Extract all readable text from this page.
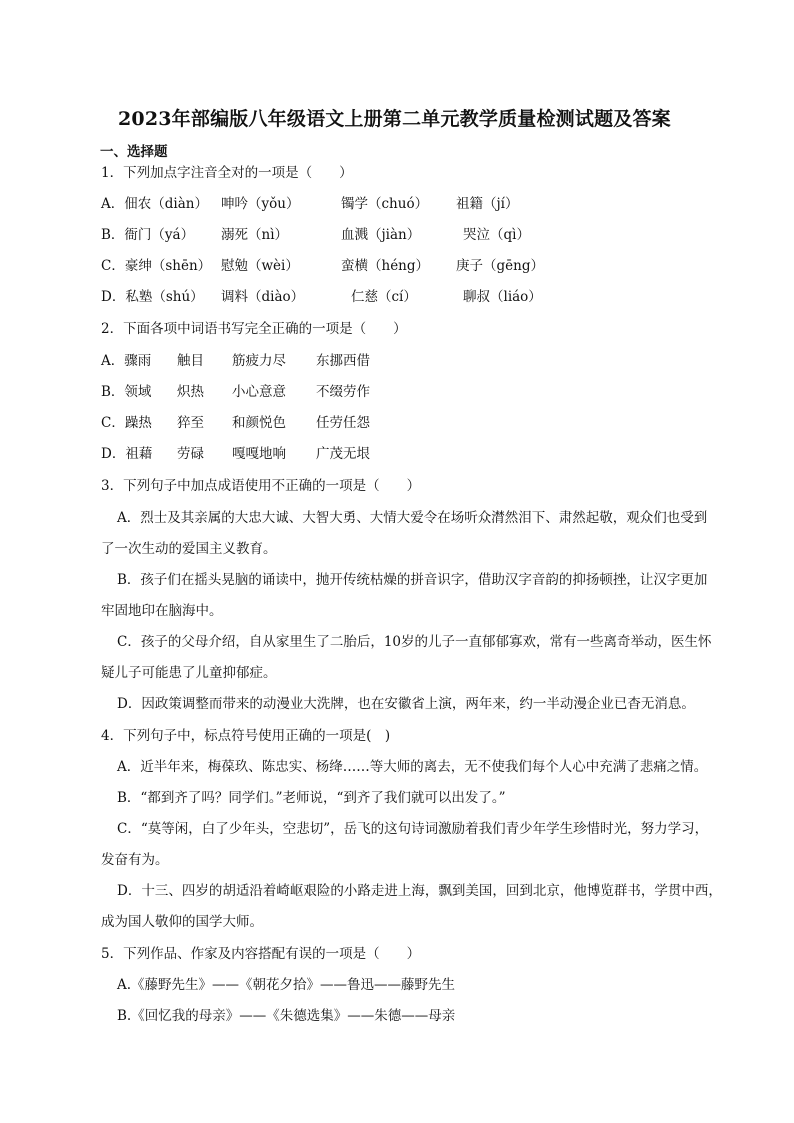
2023年部编版八年级语文上册第二单元教学质量检测试题及答案
一、选择题
1．下列加点字注音全对的一项是（　　）
A．佃农（diàn） 呻吟（yǒu）	镯学（chuó） 祖籍（jí）
B．衙门（yá） 溺死（nì）	血溅（jiàn）	哭泣（qì）
C．豪绅（shēn） 慰勉（wèi）	蛮横（héng） 庚子（gēng）
D．私塾（shú） 调料（diào）	仁慈（cí）	聊叔（liáo）
2．下面各项中词语书写完全正确的一项是（　　）
A．骤雨 触目 筋疲力尽 东挪西借
B．领域 炽热 小心意意 不缀劳作
C．躁热 猝至 和颜悦色 任劳任怨
D．祖藉 劳碌 嘎嘎地响 广茂无垠
3．下列句子中加点成语使用不正确的一项是（　　）
A．烈士及其亲属的大忠大诚、大智大勇、大情大爱令在场听众潸然泪下、肃然起敬，观众们也受到
了一次生动的爱国主义教育。
B．孩子们在摇头晃脑的诵读中，抛开传统枯燥的拼音识字，借助汉字音韵的抑扬顿挫，让汉字更加
牢固地印在脑海中。
C．孩子的父母介绍，自从家里生了二胎后，10岁的儿子一直郁郁寡欢，常有一些离奇举动，医生怀
疑儿子可能患了儿童抑郁症。
D．因政策调整而带来的动漫业大洗牌，也在安徽省上演，两年来，约一半动漫企业已杳无消息。
4．下列句子中，标点符号使用正确的一项是(　)
A．近半年来，梅葆玖、陈忠实、杨绛……等大师的离去，无不使我们每个人心中充满了悲痛之情。
B．“都到齐了吗？同学们。”老师说，“到齐了我们就可以出发了。”
C．“莫等闲，白了少年头，空悲切”，岳飞的这句诗词激励着我们青少年学生珍惜时光，努力学习，
发奋有为。
D．十三、四岁的胡适沿着崎岖艰险的小路走进上海，飘到美国，回到北京，他博览群书，学贯中西，
成为国人敬仰的国学大师。
5．下列作品、作家及内容搭配有误的一项是（　　）
A.《藤野先生》——《朝花夕拾》——鲁迅——藤野先生
B.《回忆我的母亲》——《朱德选集》——朱德——母亲
